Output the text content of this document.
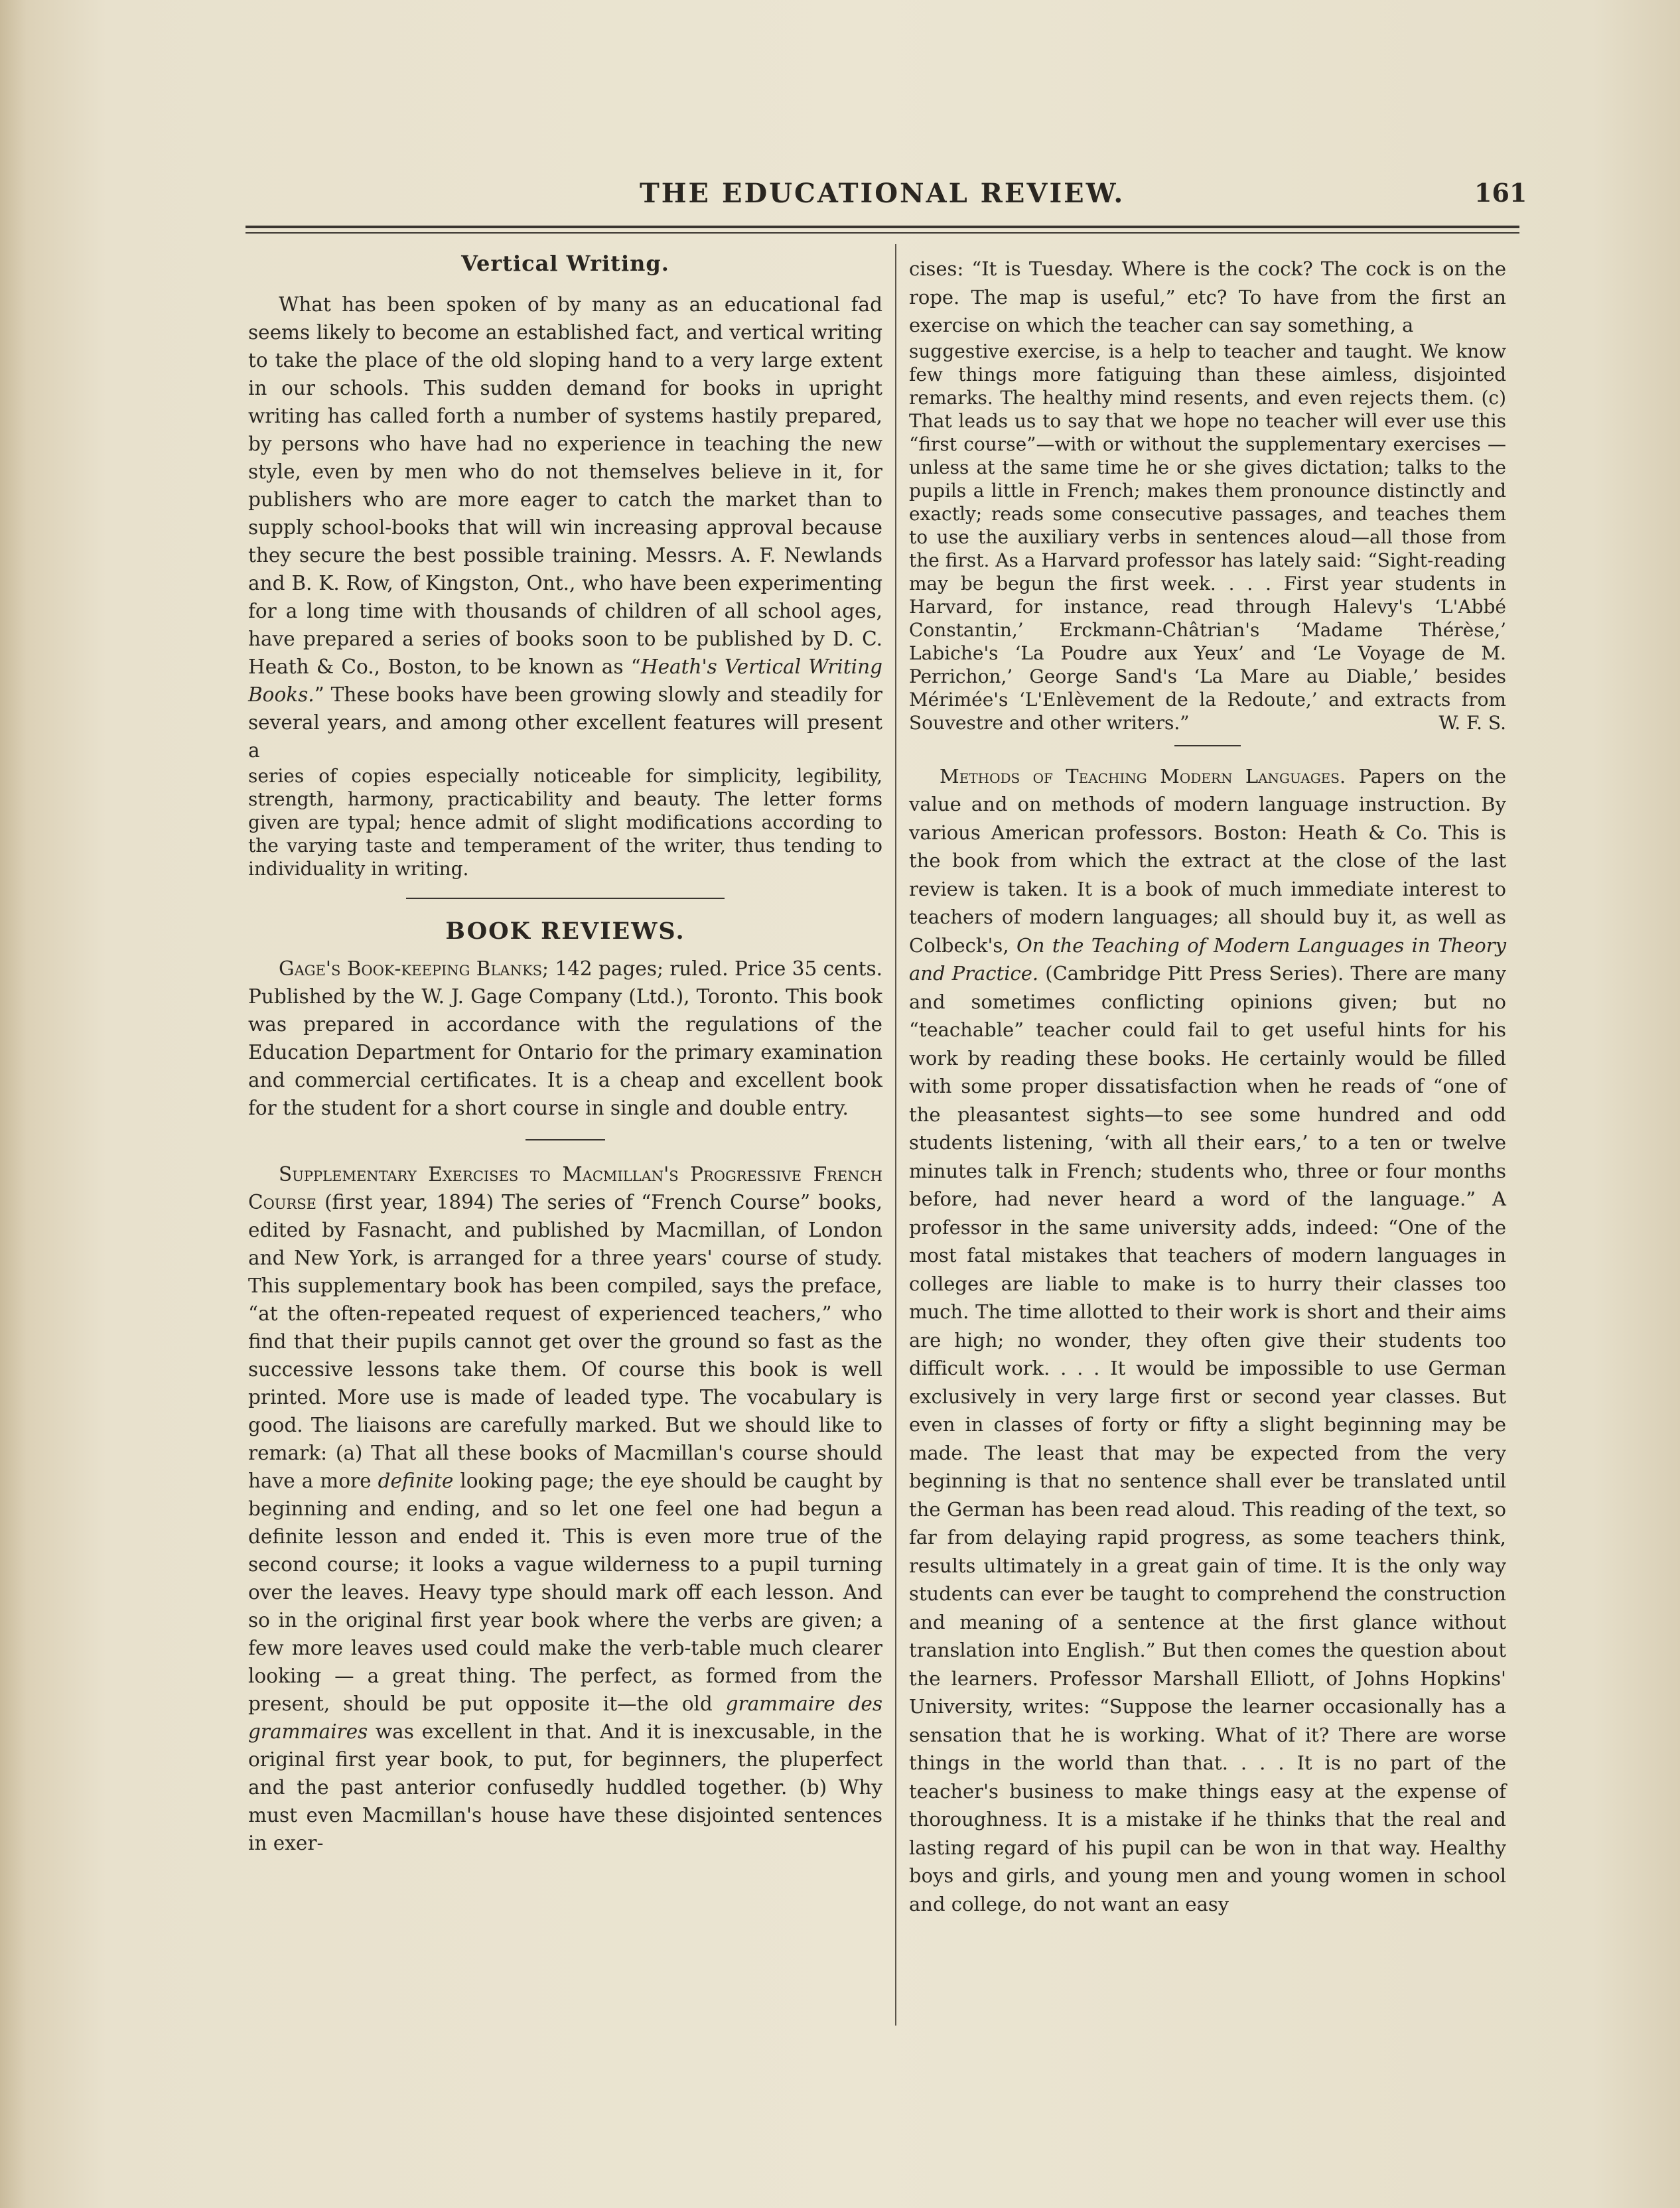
THE EDUCATIONAL REVIEW.	161
Vertical Writing.

What has been spoken of by many as an educational fad seems likely to become an established fact, and vertical writing to take the place of the old sloping hand to a very large extent in our schools. This sudden demand for books in upright writing has called forth a number of systems hastily prepared, by persons who have had no experience in teaching the new style, even by men who do not themselves believe in it, for publishers who are more eager to catch the market than to supply school-books that will win increasing approval because they secure the best possible training. Messrs. A. F. Newlands and B. K. Row, of Kingston, Ont., who have been experimenting for a long time with thousands of children of all school ages, have prepared a series of books soon to be published by D. C. Heath & Co., Boston, to be known as “Heath's Vertical Writing Books.” These books have been growing slowly and steadily for several years, and among other excellent features will present a

series of copies especially noticeable for simplicity, legibility, strength, harmony, practicability and beauty. The letter forms given are typal; hence admit of slight modifications according to the varying taste and temperament of the writer, thus tending to individuality in writing.

BOOK REVIEWS.

Gage's Book-keeping Blanks; 142 pages; ruled. Price 35 cents. Published by the W. J. Gage Company (Ltd.), Toronto. This book was prepared in accordance with the regulations of the Education Department for Ontario for the primary examination and commercial certificates. It is a cheap and excellent book for the student for a short course in single and double entry.

Supplementary Exercises to Macmillan's Progressive French Course (first year, 1894) The series of “French Course” books, edited by Fasnacht, and published by Macmillan, of London and New York, is arranged for a three years' course of study. This supplementary book has been compiled, says the preface, “at the often-repeated request of experienced teachers,” who find that their pupils cannot get over the ground so fast as the successive lessons take them. Of course this book is well printed. More use is made of leaded type. The vocabulary is good. The liaisons are carefully marked. But we should like to remark: (a) That all these books of Macmillan's course should have a more definite looking page; the eye should be caught by beginning and ending, and so let one feel one had begun a definite lesson and ended it. This is even more true of the second course; it looks a vague wilderness to a pupil turning over the leaves. Heavy type should mark off each lesson. And so in the original first year book where the verbs are given; a few more leaves used could make the verb-table much clearer looking — a great thing. The perfect, as formed from the present, should be put opposite it—the old grammaire des grammaires was excellent in that. And it is inexcusable, in the original first year book, to put, for beginners, the pluperfect and the past anterior confusedly huddled together. (b) Why must even Macmillan's house have these disjointed sentences in exer-

cises: “It is Tuesday. Where is the cock? The cock is on the rope. The map is useful,” etc? To have from the first an exercise on which the teacher can say something, a

suggestive exercise, is a help to teacher and taught. We know few things more fatiguing than these aimless, disjointed remarks. The healthy mind resents, and even rejects them. (c) That leads us to say that we hope no teacher will ever use this “first course”—with or without the supplementary exercises — unless at the same time he or she gives dictation; talks to the pupils a little in French; makes them pronounce distinctly and exactly; reads some consecutive passages, and teaches them to use the auxiliary verbs in sentences aloud—all those from the first. As a Harvard professor has lately said: “Sight-reading may be begun the first week. . . . First year students in Harvard, for instance, read through Halevy's ‘L'Abbé Constantin,’ Erckmann-Châtrian's ‘Madame Thérèse,’ Labiche's ‘La Poudre aux Yeux’ and ‘Le Voyage de M. Perrichon,’ George Sand's ‘La Mare au Diable,’ besides Mérimée's ‘L'Enlèvement de la Redoute,’ and extracts from Souvestre and other writers.”	W. F. S.

Methods of Teaching Modern Languages. Papers on the value and on methods of modern language instruction. By various American professors. Boston: Heath & Co. This is the book from which the extract at the close of the last review is taken. It is a book of much immediate interest to teachers of modern languages; all should buy it, as well as Colbeck's, On the Teaching of Modern Languages in Theory and Practice. (Cambridge Pitt Press Series). There are many and sometimes conflicting opinions given; but no “teachable” teacher could fail to get useful hints for his work by reading these books. He certainly would be filled with some proper dissatisfaction when he reads of “one of the pleasantest sights—to see some hundred and odd students listening, ‘with all their ears,’ to a ten or twelve minutes talk in French; students who, three or four months before, had never heard a word of the language.” A professor in the same university adds, indeed: “One of the most fatal mistakes that teachers of modern languages in colleges are liable to make is to hurry their classes too much. The time allotted to their work is short and their aims are high; no wonder, they often give their students too difficult work. . . . It would be impossible to use German exclusively in very large first or second year classes. But even in classes of forty or fifty a slight beginning may be made. The least that may be expected from the very beginning is that no sentence shall ever be translated until the German has been read aloud. This reading of the text, so far from delaying rapid progress, as some teachers think, results ultimately in a great gain of time. It is the only way students can ever be taught to comprehend the construction and meaning of a sentence at the first glance without translation into English.” But then comes the question about the learners. Professor Marshall Elliott, of Johns Hopkins' University, writes: “Suppose the learner occasionally has a sensation that he is working. What of it? There are worse things in the world than that. . . . It is no part of the teacher's business to make things easy at the expense of thoroughness. It is a mistake if he thinks that the real and lasting regard of his pupil can be won in that way. Healthy boys and girls, and young men and young women in school and college, do not want an easy
